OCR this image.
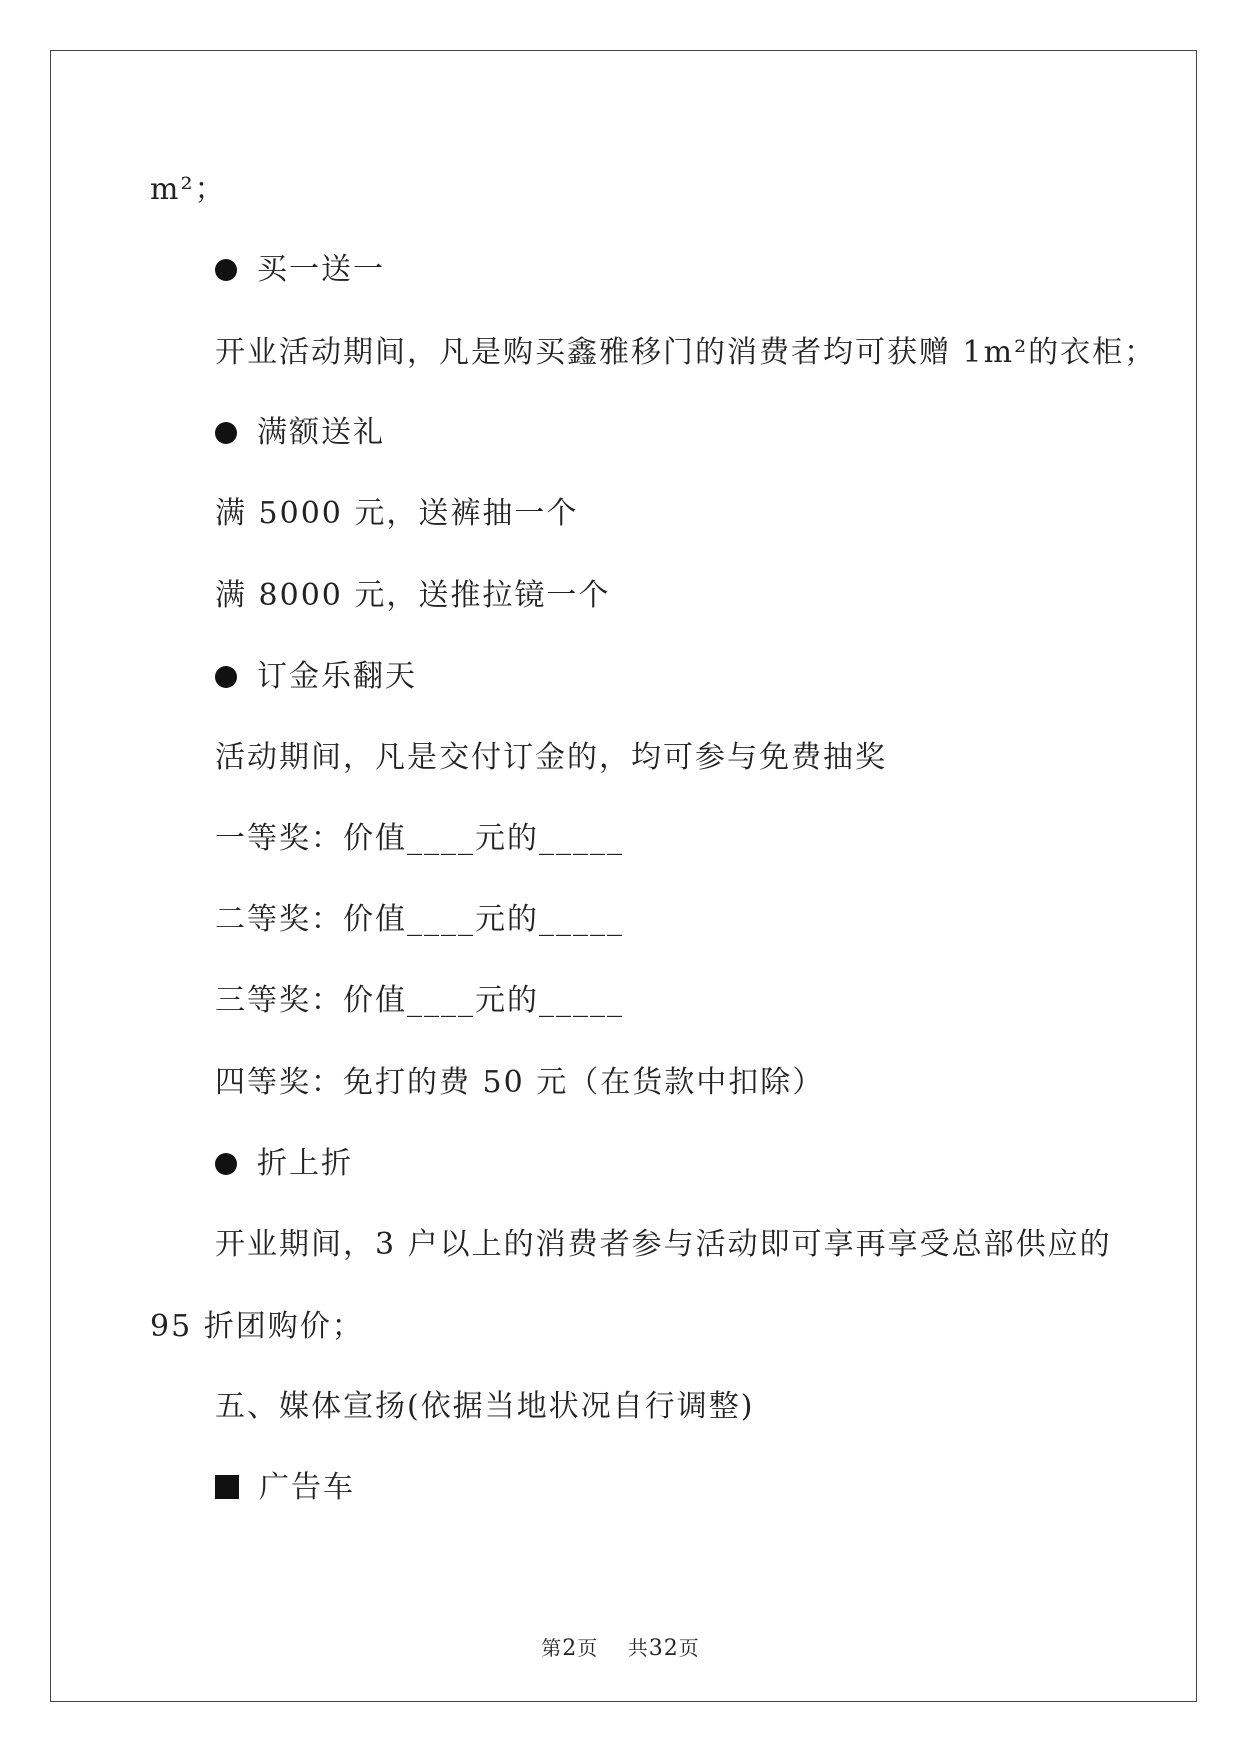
m²；
买一送一
开业活动期间，凡是购买鑫雅移门的消费者均可获赠 1m²的衣柜；
满额送礼
满 5000 元，送裤抽一个
满 8000 元，送推拉镜一个
订金乐翻天
活动期间，凡是交付订金的，均可参与免费抽奖
一等奖：价值____元的_____
二等奖：价值____元的_____
三等奖：价值____元的_____
四等奖：免打的费 50 元（在货款中扣除）
折上折
开业期间，3 户以上的消费者参与活动即可享再享受总部供应的
95 折团购价；
五、媒体宣扬(依据当地状况自行调整)
广告车
第2页 共32页
